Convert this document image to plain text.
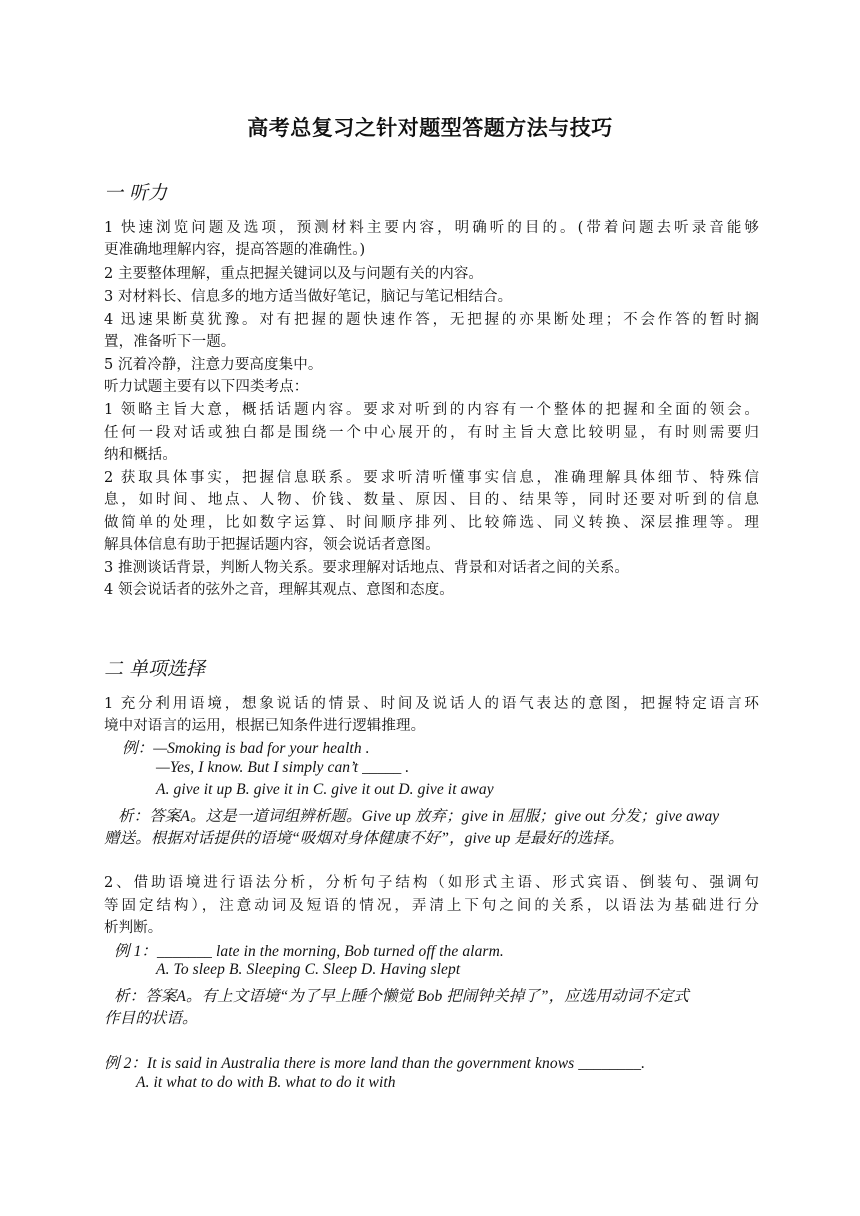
高考总复习之针对题型答题方法与技巧
一 听力
1 快速浏览问题及选项，预测材料主要内容，明确听的目的。(带着问题去听录音能够
更准确地理解内容，提高答题的准确性。)
2 主要整体理解，重点把握关键词以及与问题有关的内容。
3 对材料长、信息多的地方适当做好笔记，脑记与笔记相结合。
4 迅速果断莫犹豫。对有把握的题快速作答，无把握的亦果断处理；不会作答的暂时搁
置，准备听下一题。
5 沉着冷静，注意力要高度集中。
听力试题主要有以下四类考点：
1 领略主旨大意，概括话题内容。要求对听到的内容有一个整体的把握和全面的领会。
任何一段对话或独白都是围绕一个中心展开的，有时主旨大意比较明显，有时则需要归
纳和概括。
2 获取具体事实，把握信息联系。要求听清听懂事实信息，准确理解具体细节、特殊信
息，如时间、地点、人物、价钱、数量、原因、目的、结果等，同时还要对听到的信息
做简单的处理，比如数字运算、时间顺序排列、比较筛选、同义转换、深层推理等。理
解具体信息有助于把握话题内容，领会说话者意图。
3 推测谈话背景，判断人物关系。要求理解对话地点、背景和对话者之间的关系。
4 领会说话者的弦外之音，理解其观点、意图和态度。
二 单项选择
1 充分利用语境，想象说话的情景、时间及说话人的语气表达的意图，把握特定语言环
境中对语言的运用，根据已知条件进行逻辑推理。
例：—Smoking is bad for your health .
—Yes, I know. But I simply can’t _____ .
A. give it up B. give it in C. give it out D. give it away
析：答案A。这是一道词组辨析题。Give up 放弃；give in 屈服；give out 分发；give away
赠送。根据对话提供的语境“吸烟对身体健康不好”，give up 是最好的选择。
2、借助语境进行语法分析，分析句子结构（如形式主语、形式宾语、倒装句、强调句
等固定结构），注意动词及短语的情况，弄清上下句之间的关系，以语法为基础进行分
析判断。
例 1：_______ late in the morning, Bob turned off the alarm.
A. To sleep B. Sleeping C. Sleep D. Having slept
析：答案A。有上文语境“为了早上睡个懒觉 Bob 把闹钟关掉了”，应选用动词不定式
作目的状语。
例 2：It is said in Australia there is more land than the government knows ________.
A. it what to do with B. what to do it with
